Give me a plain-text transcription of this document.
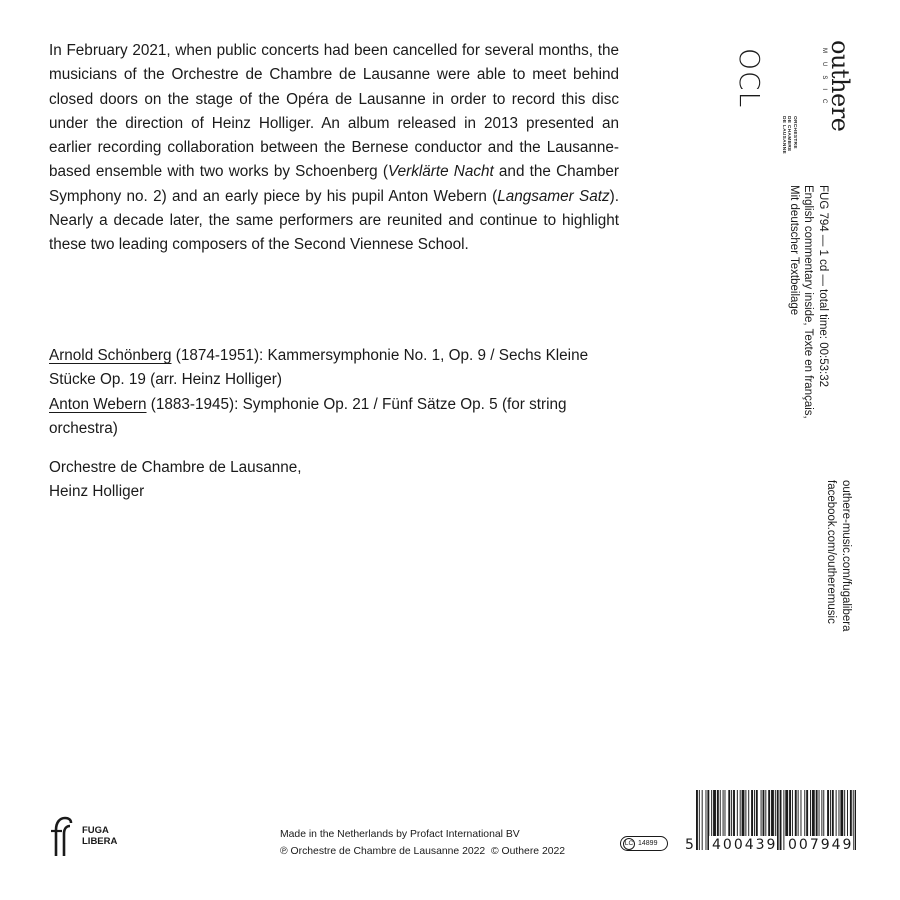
In February 2021, when public concerts had been cancelled for several months, the musicians of the Orchestre de Chambre de Lausanne were able to meet behind closed doors on the stage of the Opéra de Lausanne in order to record this disc under the direction of Heinz Holliger. An album released in 2013 presented an earlier recording collaboration between the Bernese conductor and the Lausanne-based ensemble with two works by Schoenberg (Verklärte Nacht and the Chamber Symphony no. 2) and an early piece by his pupil Anton Webern (Langsamer Satz). Nearly a decade later, the same performers are reunited and continue to highlight these two leading composers of the Second Viennese School.

Arnold Schönberg (1874-1951): Kammersymphonie No. 1, Op. 9 / Sechs Kleine Stücke Op. 19 (arr. Heinz Holliger)
Anton Webern (1883-1945): Symphonie Op. 21 / Fünf Sätze Op. 5 (for string orchestra)
Orchestre de Chambre de Lausanne,
Heinz Holliger
OCL
ORCHESTRE
DE CHAMBRE
DE LAUSANNE
outhere
MUSIC
FUG 794 — 1 cd — total time: 00:53:32
English commentary inside, Texte en français,
Mit deutscher Textbeilage
outhere-music.com/fugalibera
facebook.com/outheremusic
FUGA
LIBERA
Made in the Netherlands by Profact International BV
℗ Orchestre de Chambre de Lausanne 2022  © Outhere 2022
LC 14899 5 400439 007949
